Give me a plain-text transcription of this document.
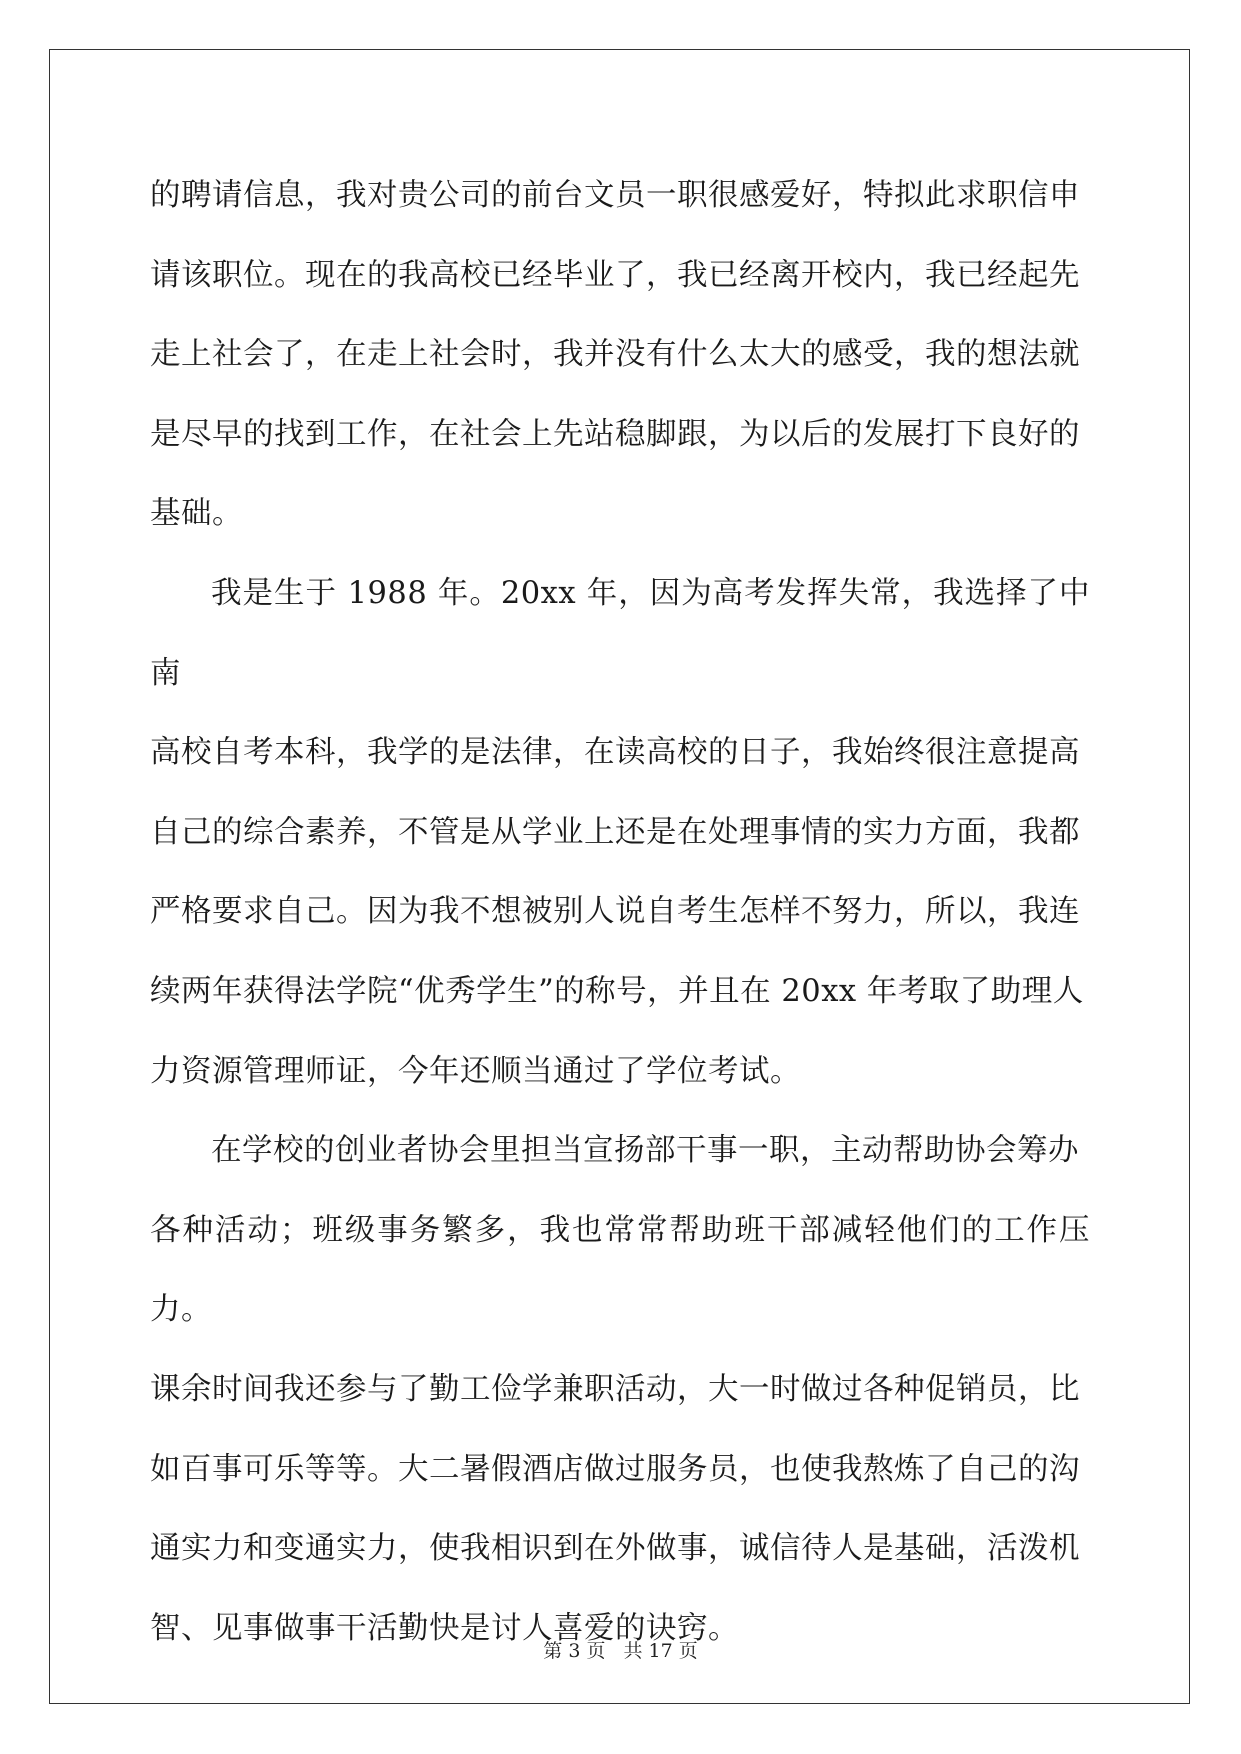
的聘请信息，我对贵公司的前台文员一职很感爱好，特拟此求职信申
请该职位。现在的我高校已经毕业了，我已经离开校内，我已经起先
走上社会了，在走上社会时，我并没有什么太大的感受，我的想法就
是尽早的找到工作，在社会上先站稳脚跟，为以后的发展打下良好的
基础。

我是生于 1988 年。20xx 年，因为高考发挥失常，我选择了中南
高校自考本科，我学的是法律，在读高校的日子，我始终很注意提高
自己的综合素养，不管是从学业上还是在处理事情的实力方面，我都
严格要求自己。因为我不想被别人说自考生怎样不努力，所以，我连
续两年获得法学院“优秀学生”的称号，并且在 20xx 年考取了助理人
力资源管理师证，今年还顺当通过了学位考试。

在学校的创业者协会里担当宣扬部干事一职，主动帮助协会筹办
各种活动；班级事务繁多，我也常常帮助班干部减轻他们的工作压力。
课余时间我还参与了勤工俭学兼职活动，大一时做过各种促销员，比
如百事可乐等等。大二暑假酒店做过服务员，也使我熬炼了自己的沟
通实力和变通实力，使我相识到在外做事，诚信待人是基础，活泼机
智、见事做事干活勤快是讨人喜爱的诀窍。

第 3 页 共 17 页
